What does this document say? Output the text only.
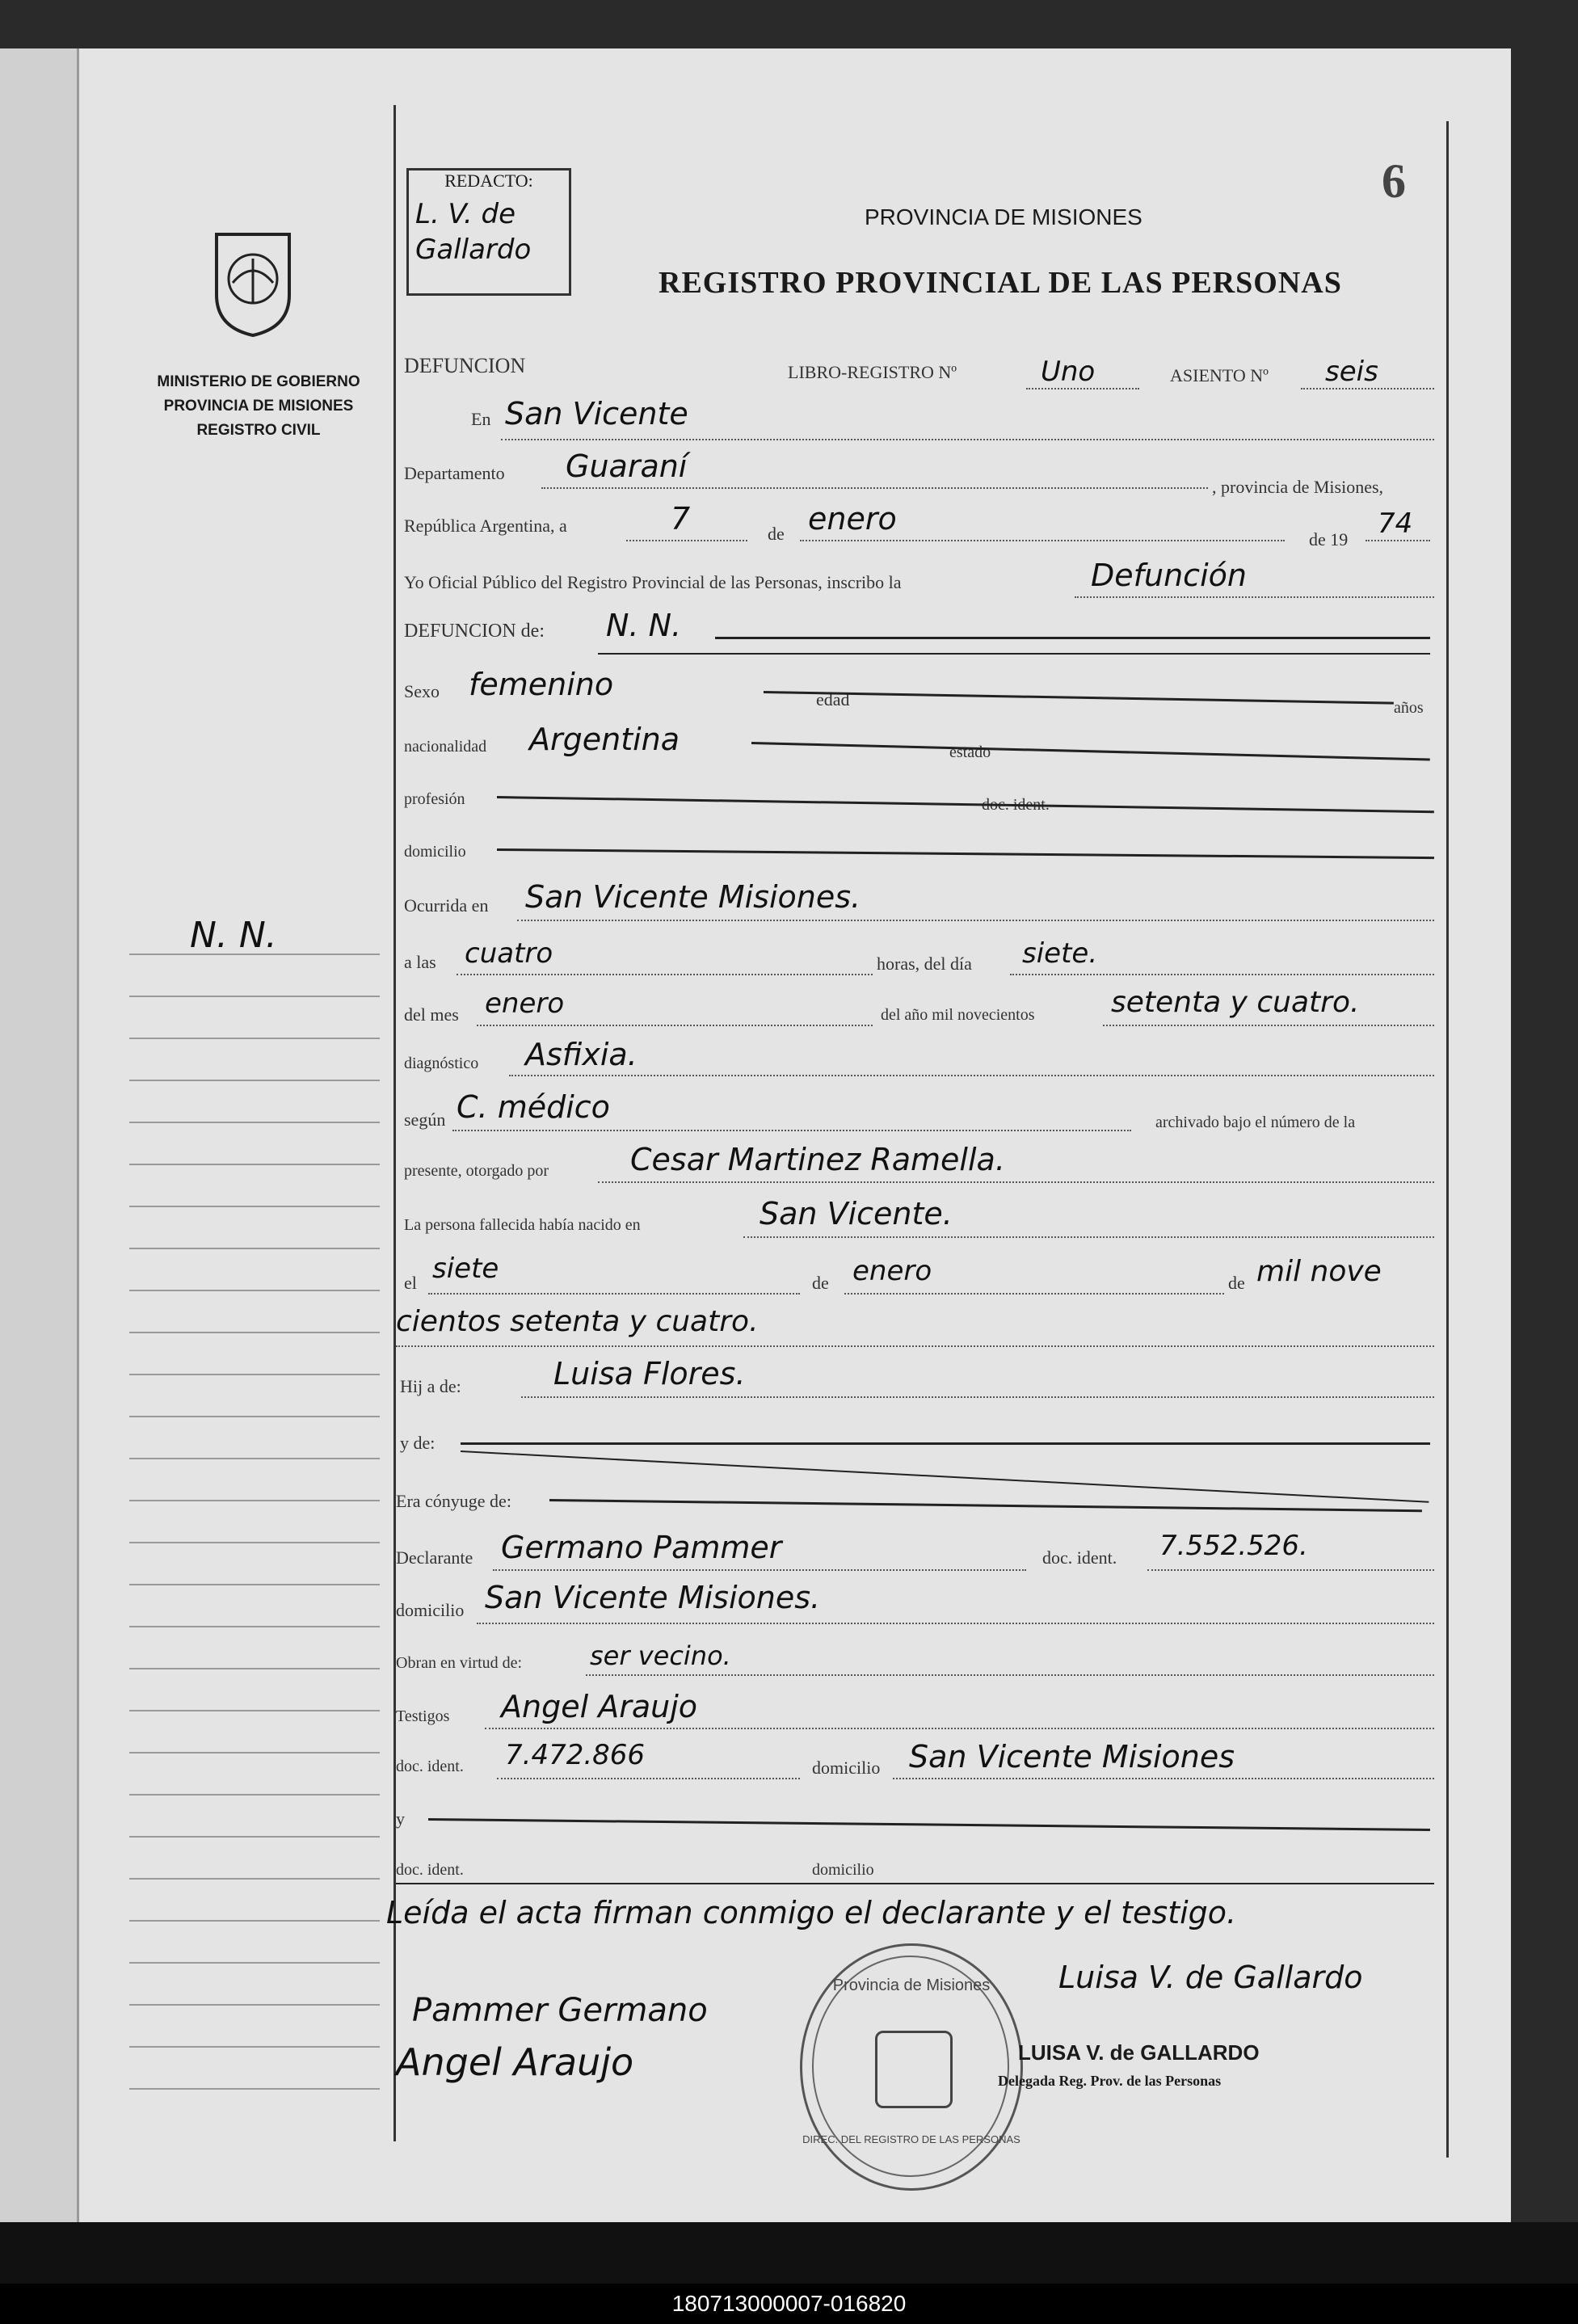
MINISTERIO DE GOBIERNO
PROVINCIA DE MISIONES
REGISTRO CIVIL
N. N.
REDACTO:
L. V. de Gallardo
6
PROVINCIA DE MISIONES
REGISTRO PROVINCIAL DE LAS PERSONAS
DEFUNCION	LIBRO-REGISTRO Nº	Uno	ASIENTO Nº seis
En San Vicente
Departamento Guaraní
, provincia de Misiones,
República Argentina, a	7	de enero
de 19 74
Yo Oficial Público del Registro Provincial de las Personas, inscribo la	Defunción
DEFUNCION de: N. N.
Sexo femenino	edad	años
nacionalidad Argentina	estado
profesión
domicilio
Ocurrida en San Vicente Misiones.
a las cuatro	horas, del día siete.
del mes enero	del año mil novecientos	setenta y cuatro.
diagnóstico Asfixia.
según C. médico	archivado bajo el número de la
presente, otorgado por	Cesar Martinez Ramella.
La persona fallecida había nacido en	San Vicente.
el siete	de enero	de mil nove
cientos setenta y cuatro.
Hij a de:	Luisa Flores.
y de:
Era cónyuge de:
Declarante Germano Pammer	doc. ident. 7.552.526.
domicilio San Vicente Misiones.
Obran en virtud de:	ser vecino.
Testigos Angel Araujo
doc. ident. 7.472.866	domicilio San Vicente Misiones
y
doc. ident.	domicilio
Leída el acta firman conmigo el declarante y el testigo.
Provincia de Misiones
DIREC. DEL REGISTRO DE LAS PERSONAS
Pammer Germano
Angel Araujo
Luisa V. de Gallardo
LUISA V. de GALLARDO
Delegada Reg. Prov. de las Personas
180713000007-016820
